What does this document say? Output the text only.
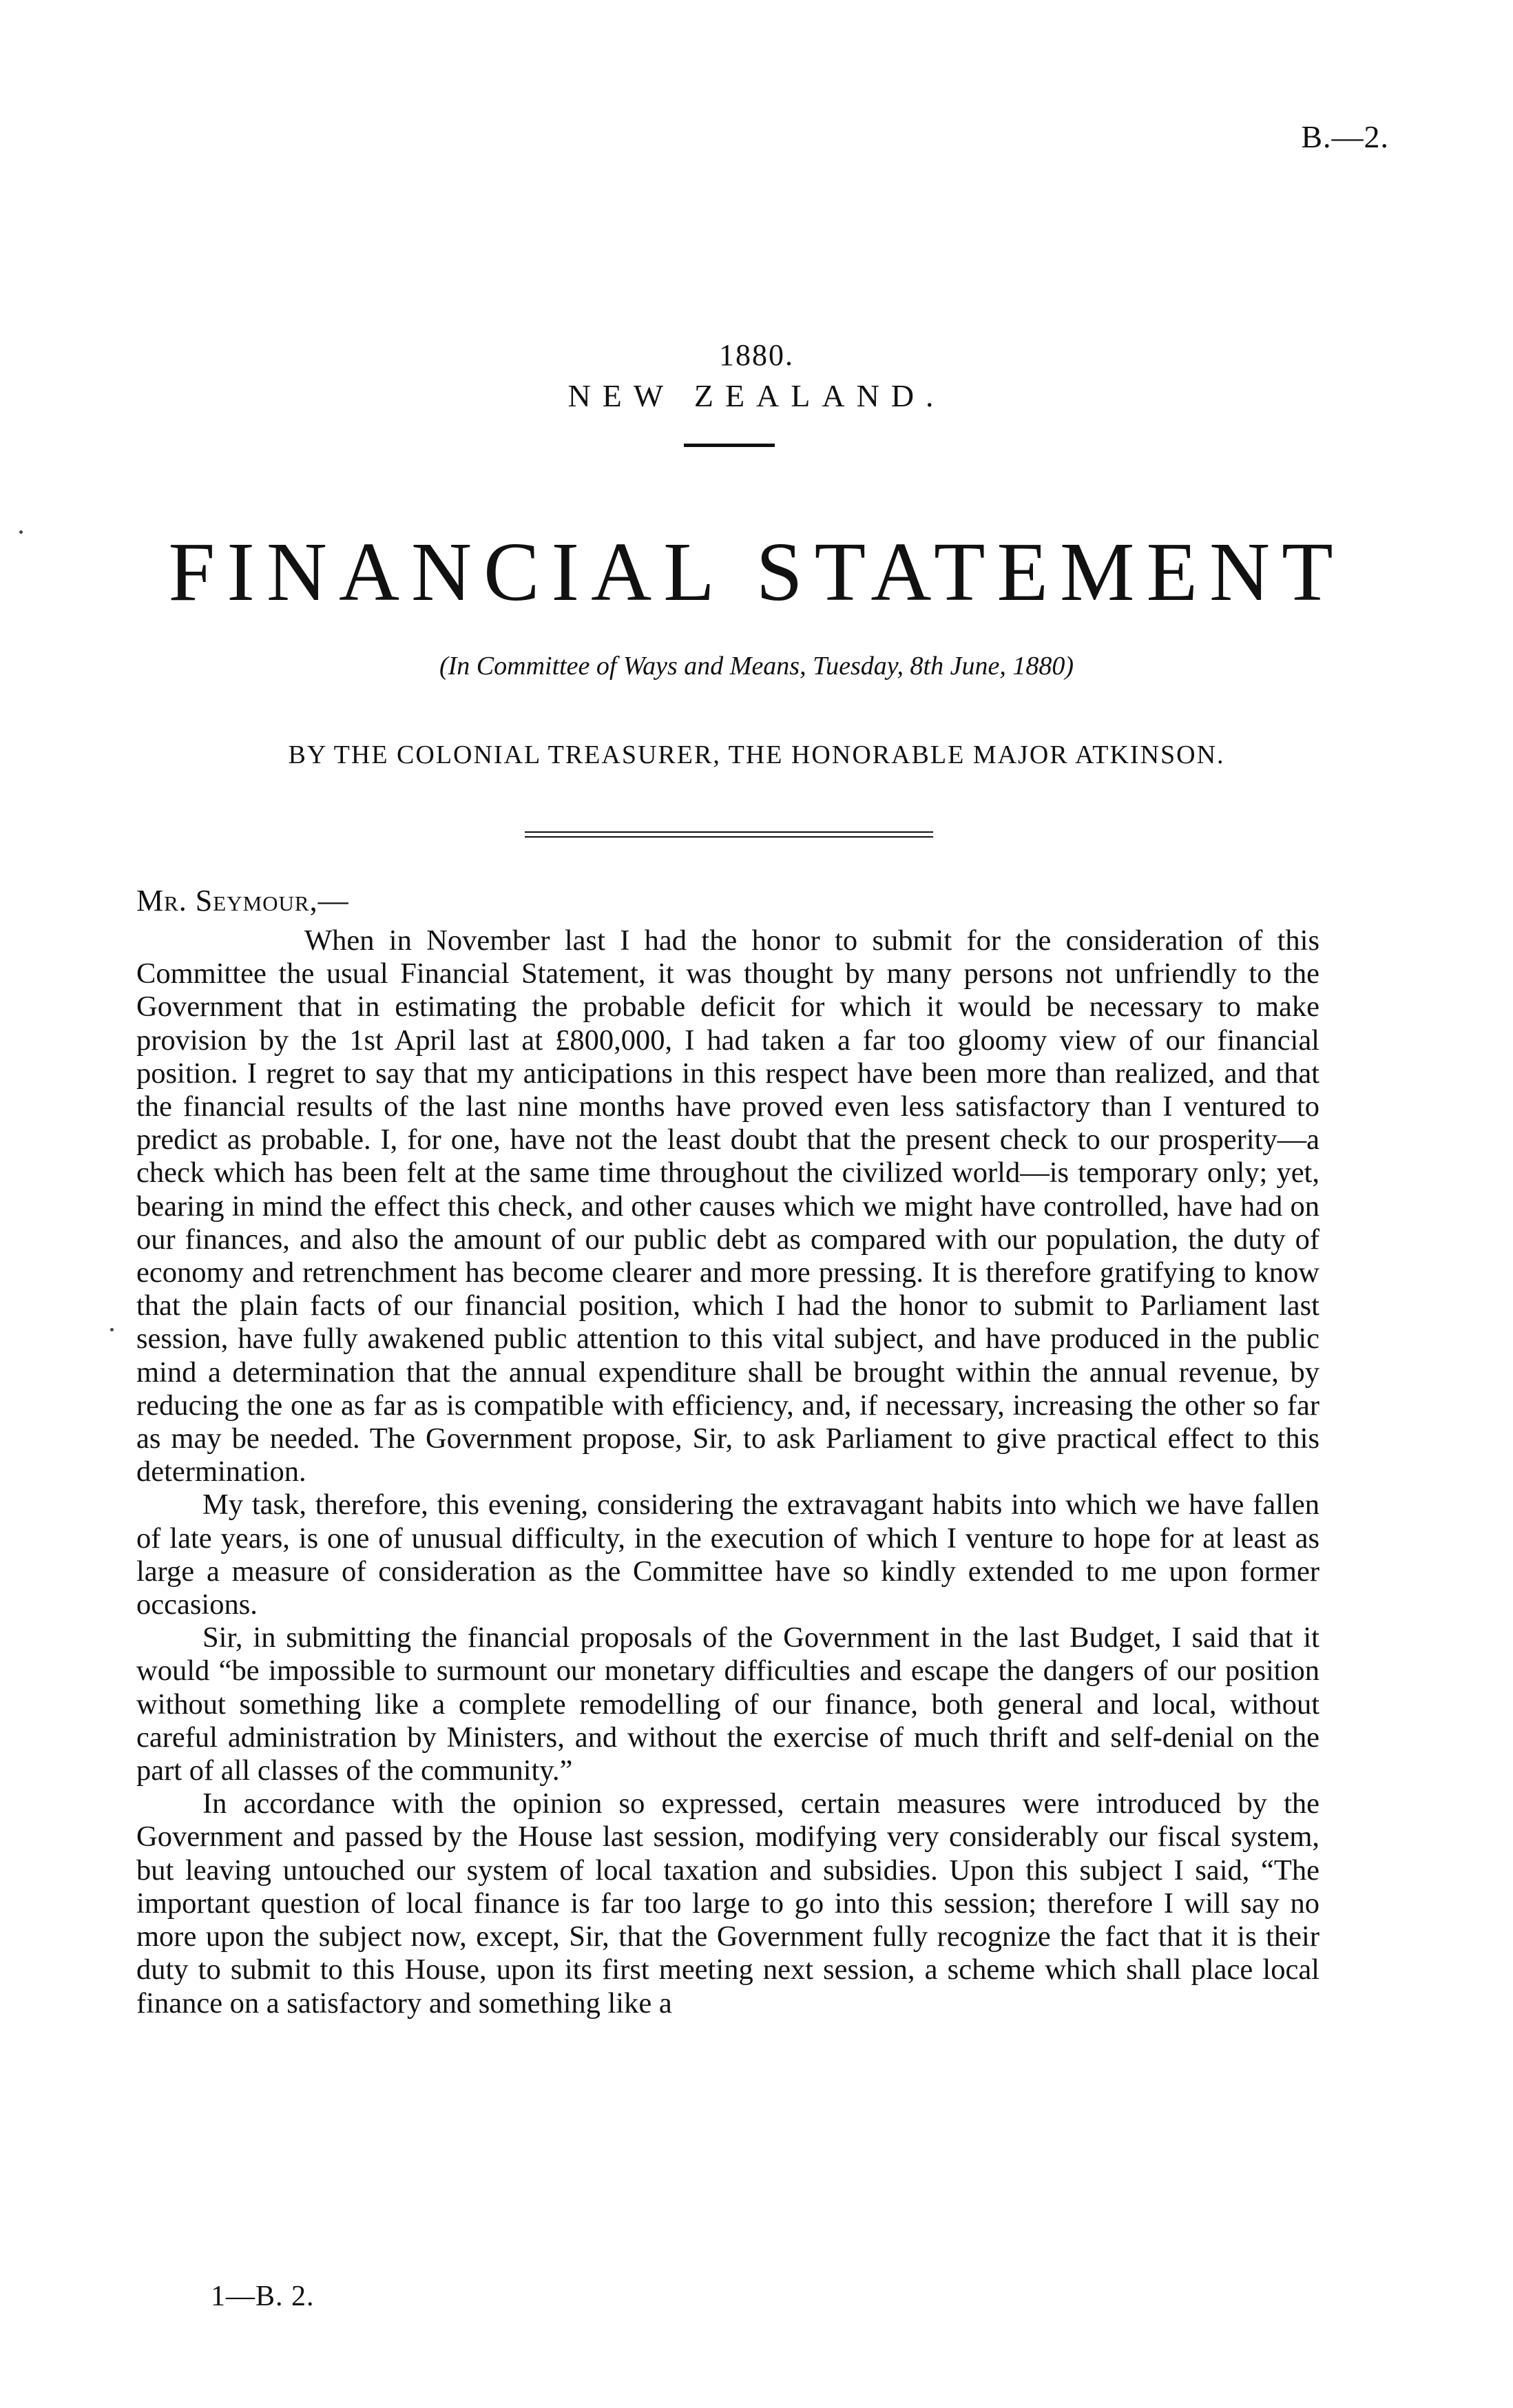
B.—2.
1880.
NEW ZEALAND.
FINANCIAL STATEMENT
(In Committee of Ways and Means, Tuesday, 8th June, 1880)
BY THE COLONIAL TREASURER, THE HONORABLE MAJOR ATKINSON.
Mr. Seymour,—

When in November last I had the honor to submit for the consideration of this Committee the usual Financial Statement, it was thought by many persons not unfriendly to the Government that in estimating the probable deficit for which it would be necessary to make provision by the 1st April last at £800,000, I had taken a far too gloomy view of our financial position. I regret to say that my anticipations in this respect have been more than realized, and that the financial results of the last nine months have proved even less satisfactory than I ventured to predict as probable. I, for one, have not the least doubt that the present check to our prosperity—a check which has been felt at the same time throughout the civilized world—is temporary only; yet, bearing in mind the effect this check, and other causes which we might have controlled, have had on our finances, and also the amount of our public debt as compared with our population, the duty of economy and retrenchment has become clearer and more pressing. It is therefore gratifying to know that the plain facts of our financial position, which I had the honor to submit to Parliament last session, have fully awakened public attention to this vital subject, and have produced in the public mind a determination that the annual expenditure shall be brought within the annual revenue, by reducing the one as far as is compatible with efficiency, and, if necessary, increasing the other so far as may be needed. The Government propose, Sir, to ask Parliament to give practical effect to this determination.

My task, therefore, this evening, considering the extravagant habits into which we have fallen of late years, is one of unusual difficulty, in the execution of which I venture to hope for at least as large a measure of consideration as the Committee have so kindly extended to me upon former occasions.

Sir, in submitting the financial proposals of the Government in the last Budget, I said that it would “be impossible to surmount our monetary difficulties and escape the dangers of our position without something like a complete remodelling of our finance, both general and local, without careful administration by Ministers, and without the exercise of much thrift and self-denial on the part of all classes of the community.”

In accordance with the opinion so expressed, certain measures were introduced by the Government and passed by the House last session, modifying very considerably our fiscal system, but leaving untouched our system of local taxation and subsidies. Upon this subject I said, “The important question of local finance is far too large to go into this session; therefore I will say no more upon the subject now, except, Sir, that the Government fully recognize the fact that it is their duty to submit to this House, upon its first meeting next session, a scheme which shall place local finance on a satisfactory and something like a

1—B. 2.
